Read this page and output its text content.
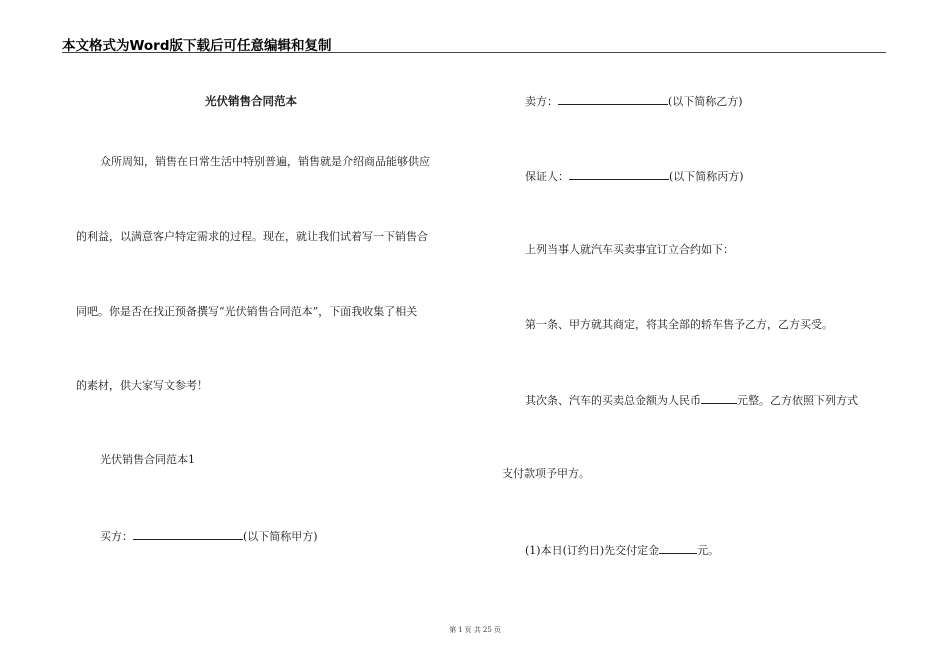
本文格式为Word版下载后可任意编辑和复制
光伏销售合同范本
众所周知，销售在日常生活中特别普遍，销售就是介绍商品能够供应
的利益，以满意客户特定需求的过程。现在，就让我们试着写一下销售合
同吧。你是否在找正预备撰写“光伏销售合同范本”，下面我收集了相关
的素材，供大家写文参考！
光伏销售合同范本1
买方：	(以下简称甲方)
卖方：	(以下简称乙方)
保证人：	(以下简称丙方)
上列当事人就汽车买卖事宜订立合约如下：
第一条、甲方就其商定，将其全部的轿车售予乙方，乙方买受。
其次条、汽车的买卖总金额为人民币	元整。乙方依照下列方式
支付款项予甲方。
(1)本日(订约日)先交付定金	元。
第 1 页 共 25 页
